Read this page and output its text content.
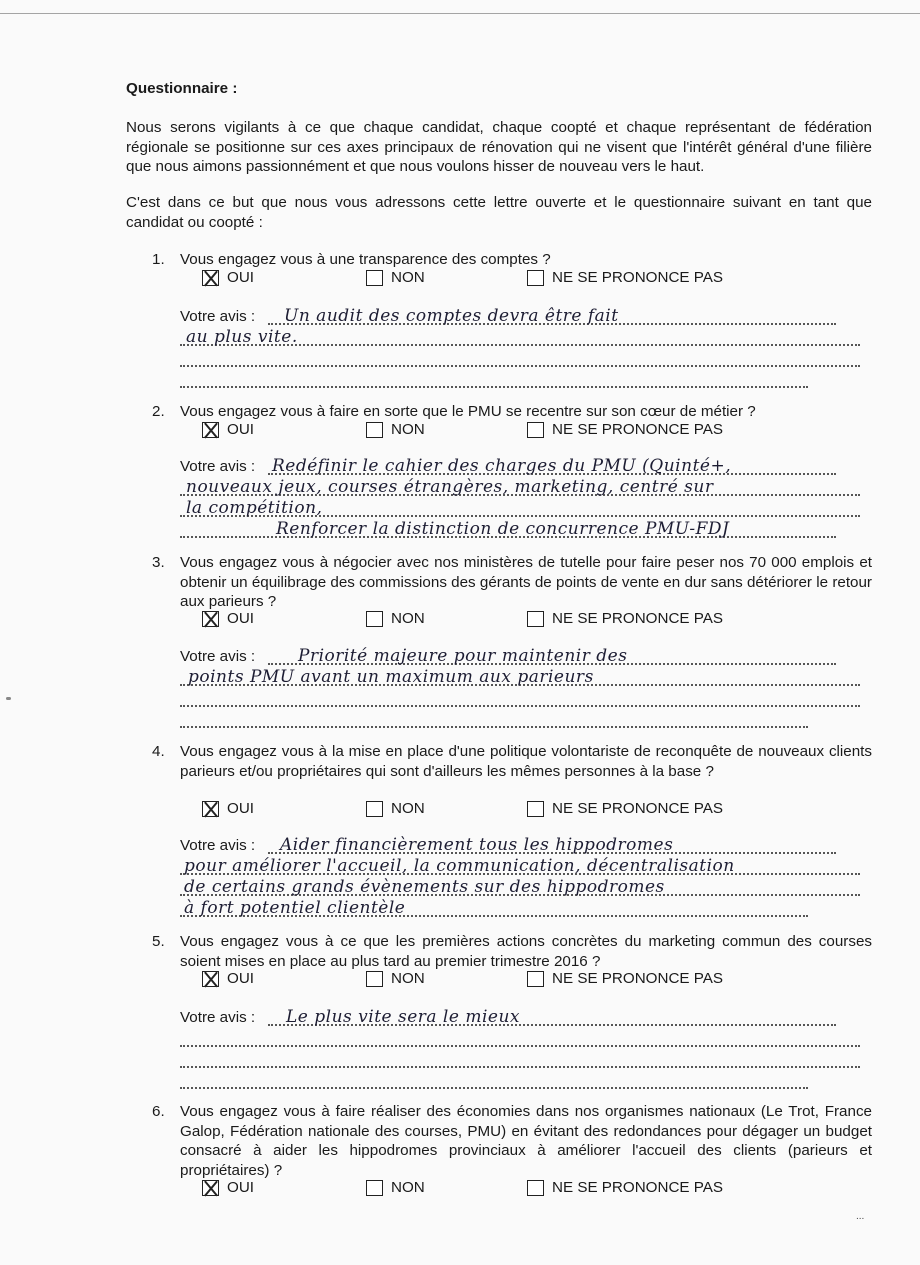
Questionnaire :

Nous serons vigilants à ce que chaque candidat, chaque coopté et chaque représentant de fédération régionale se positionne sur ces axes principaux de rénovation qui ne visent que l'intérêt général d'une filière que nous aimons passionnément et que nous voulons hisser de nouveau vers le haut.

C'est dans ce but que nous vous adressons cette lettre ouverte et le questionnaire suivant en tant que candidat ou coopté :

1. Vous engagez vous à une transparence des comptes ?
OUI	NON	NE SE PRONONCE PAS
Votre avis : Un audit des comptes devra être fait
au plus vite.
2. Vous engagez vous à faire en sorte que le PMU se recentre sur son cœur de métier ?
OUI	NON	NE SE PRONONCE PAS
Votre avis : Redéfinir le cahier des charges du PMU (Quinté+,
nouveaux jeux, courses étrangères, marketing, centré sur
la compétition,
Renforcer la distinction de concurrence PMU-FDJ
3. Vous engagez vous à négocier avec nos ministères de tutelle pour faire peser nos 70 000 emplois et obtenir un équilibrage des commissions des gérants de points de vente en dur sans détériorer le retour aux parieurs ?
OUI	NON	NE SE PRONONCE PAS
Votre avis :	Priorité majeure pour maintenir des
points PMU avant un maximum aux parieurs
4. Vous engagez vous à la mise en place d'une politique volontariste de reconquête de nouveaux clients parieurs et/ou propriétaires qui sont d'ailleurs les mêmes personnes à la base ?
OUI	NON	NE SE PRONONCE PAS
Votre avis : Aider financièrement tous les hippodromes
pour améliorer l'accueil, la communication, décentralisation
de certains grands évènements sur des hippodromes
à fort potentiel clientèle
5. Vous engagez vous à ce que les premières actions concrètes du marketing commun des courses soient mises en place au plus tard au premier trimestre 2016 ?
OUI	NON	NE SE PRONONCE PAS
Votre avis : Le plus vite sera le mieux
6. Vous engagez vous à faire réaliser des économies dans nos organismes nationaux (Le Trot, France Galop, Fédération nationale des courses, PMU) en évitant des redondances pour dégager un budget consacré à aider les hippodromes provinciaux à améliorer l'accueil des clients (parieurs et propriétaires) ?
OUI	NON	NE SE PRONONCE PAS
...
